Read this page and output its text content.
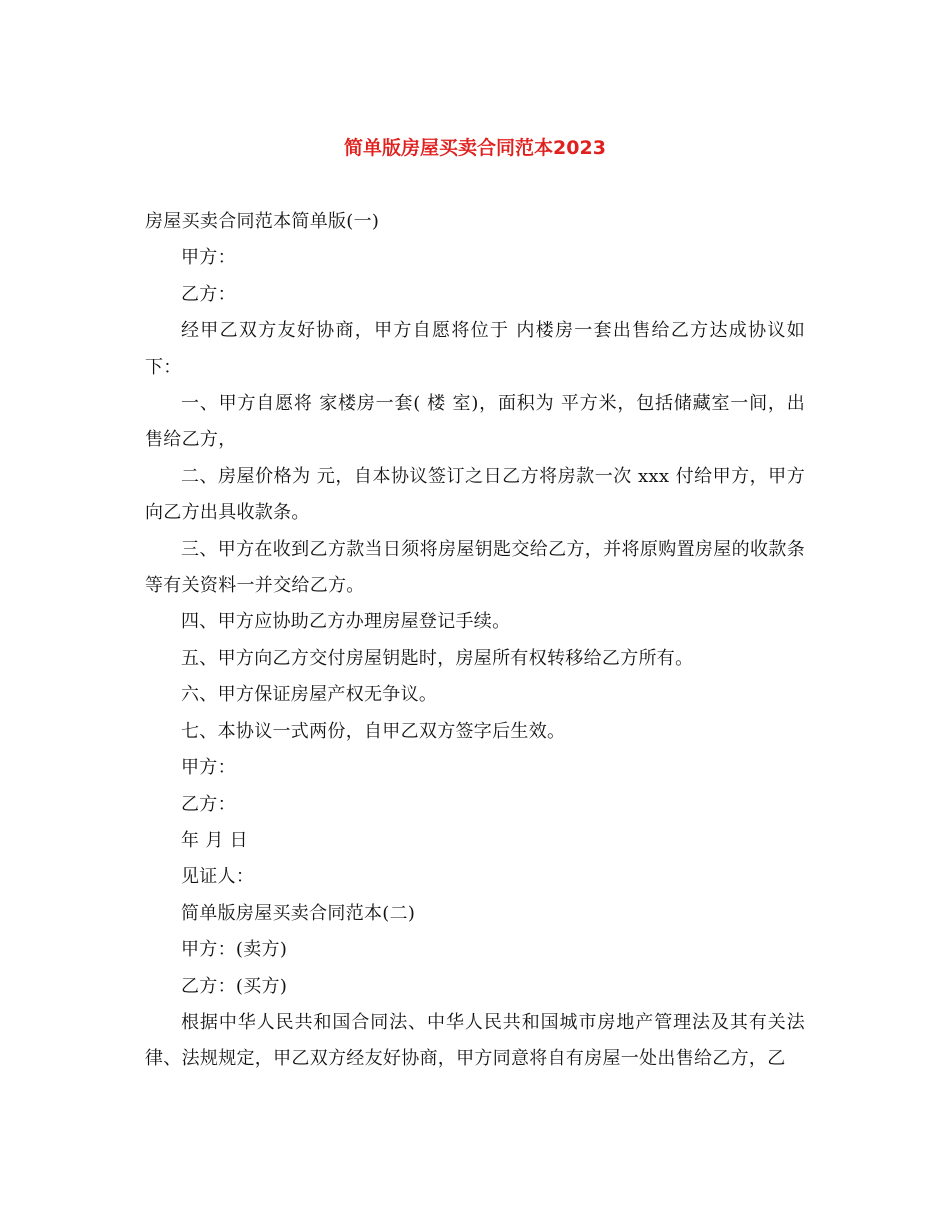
简单版房屋买卖合同范本2023

房屋买卖合同范本简单版(一)

甲方：

乙方：

经甲乙双方友好协商，甲方自愿将位于 内楼房一套出售给乙方达成协议如下：

一、甲方自愿将 家楼房一套( 楼 室)，面积为 平方米，包括储藏室一间，出售给乙方，

二、房屋价格为 元，自本协议签订之日乙方将房款一次 xxx 付给甲方，甲方向乙方出具收款条。

三、甲方在收到乙方款当日须将房屋钥匙交给乙方，并将原购置房屋的收款条等有关资料一并交给乙方。

四、甲方应协助乙方办理房屋登记手续。

五、甲方向乙方交付房屋钥匙时，房屋所有权转移给乙方所有。

六、甲方保证房屋产权无争议。

七、本协议一式两份，自甲乙双方签字后生效。

甲方：

乙方：

年 月 日

见证人：

简单版房屋买卖合同范本(二)

甲方：(卖方)

乙方：(买方)

根据中华人民共和国合同法、中华人民共和国城市房地产管理法及其有关法律、法规规定，甲乙双方经友好协商，甲方同意将自有房屋一处出售给乙方，乙
